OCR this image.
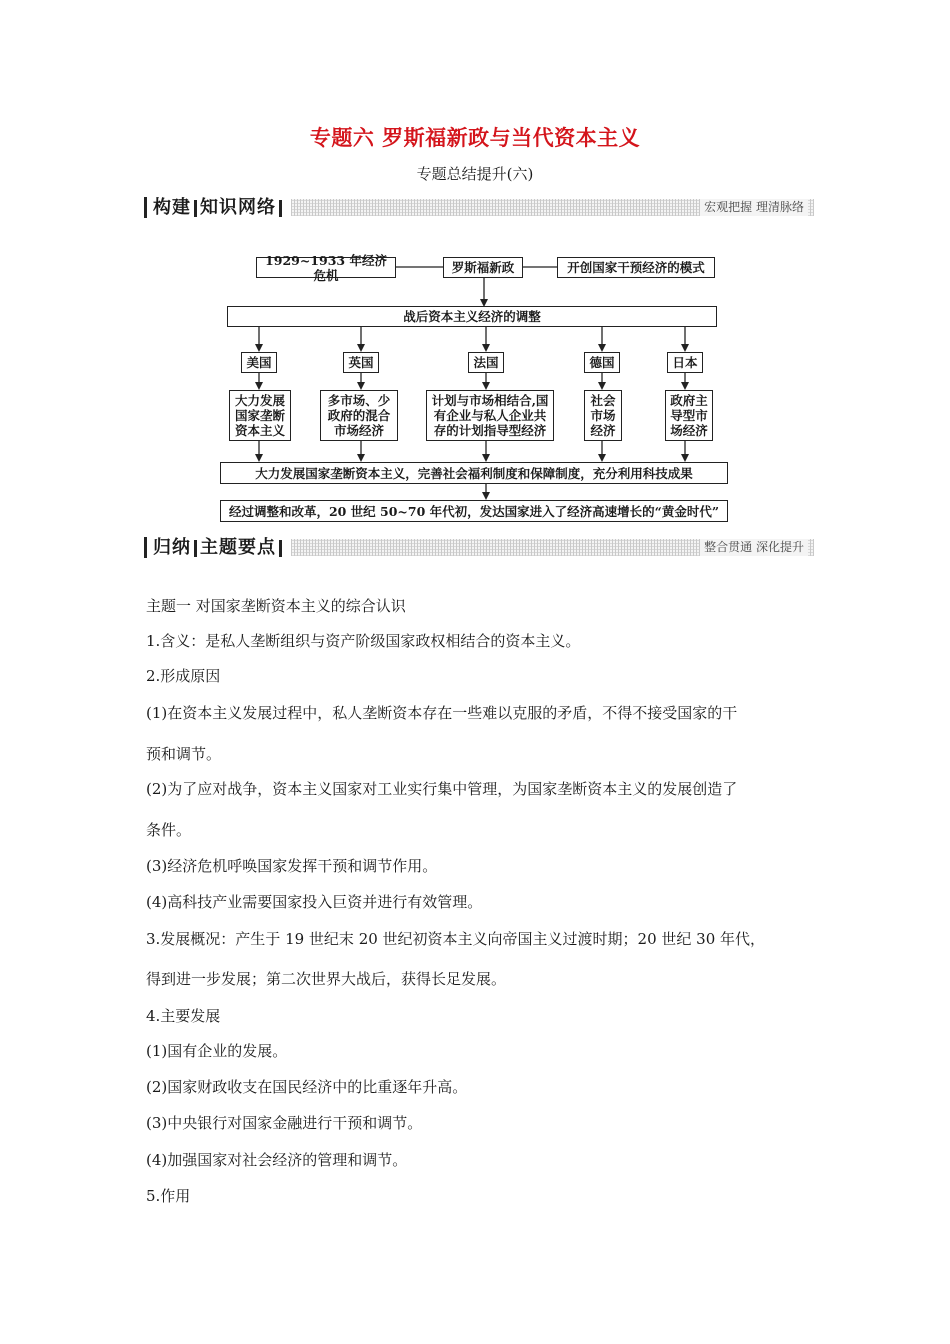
专题六 罗斯福新政与当代资本主义
专题总结提升(六)
构建 知识网络	宏观把握 理清脉络
1929~1933 年经济危机	罗斯福新政	开创国家干预经济的模式
战后资本主义经济的调整
美国	英国	法国	德国	日本
大力发展国家垄断资本主义
多市场、少政府的混合市场经济
计划与市场相结合,国有企业与私人企业共存的计划指导型经济
社会市场经济
政府主导型市场经济
大力发展国家垄断资本主义，完善社会福利制度和保障制度，充分利用科技成果
经过调整和改革，20 世纪 50~70 年代初，发达国家进入了经济高速增长的“黄金时代”
归纳 主题要点	整合贯通 深化提升
主题一 对国家垄断资本主义的综合认识
1.含义：是私人垄断组织与资产阶级国家政权相结合的资本主义。
2.形成原因
(1)在资本主义发展过程中，私人垄断资本存在一些难以克服的矛盾，不得不接受国家的干
预和调节。
(2)为了应对战争，资本主义国家对工业实行集中管理，为国家垄断资本主义的发展创造了
条件。
(3)经济危机呼唤国家发挥干预和调节作用。
(4)高科技产业需要国家投入巨资并进行有效管理。
3.发展概况：产生于 19 世纪末 20 世纪初资本主义向帝国主义过渡时期；20 世纪 30 年代，
得到进一步发展；第二次世界大战后，获得长足发展。
4.主要发展
(1)国有企业的发展。
(2)国家财政收支在国民经济中的比重逐年升高。
(3)中央银行对国家金融进行干预和调节。
(4)加强国家对社会经济的管理和调节。
5.作用
